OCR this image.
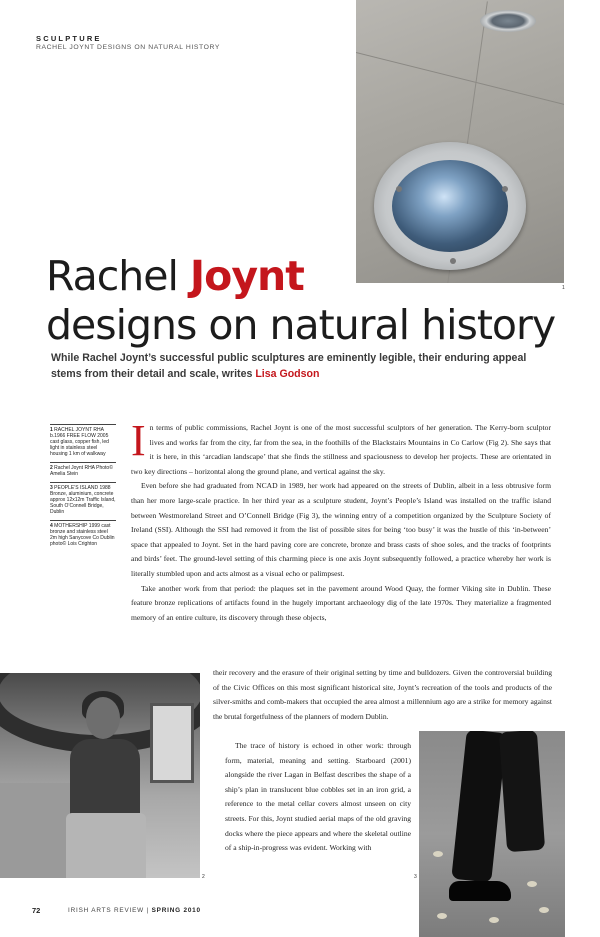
SCULPTURE
RACHEL JOYNT DESIGNS ON NATURAL HISTORY
1
Rachel Joynt
designs on natural history
While Rachel Joynt’s successful public sculptures are eminently legible, their enduring appeal stems from their detail and scale, writes Lisa Godson
1 RACHEL JOYNT RHA b.1966 FREE FLOW 2005 cast glass, copper fish, led light in stainless steel housing 1 km of walkway
2 Rachel Joynt RHA Photo© Amelia Stein
3 PEOPLE’S ISLAND 1988 Bronze, aluminium, concrete approx 12x12m Traffic Island, South O’Connell Bridge, Dublin
4 MOTHERSHIP 1999 cast bronze and stainless steel 2m high Sanycove Co Dublin photo© Lois Crighton

In terms of public commissions, Rachel Joynt is one of the most successful sculptors of her generation. The Kerry-born sculptor lives and works far from the city, far from the sea, in the foothills of the Blackstairs Mountains in Co Carlow (Fig 2). She says that it is here, in this ‘arcadian landscape’ that she finds the stillness and spaciousness to develop her projects. These are orientated in two key directions – horizontal along the ground plane, and vertical against the sky.

Even before she had graduated from NCAD in 1989, her work had appeared on the streets of Dublin, albeit in a less obtrusive form than her more large-scale practice. In her third year as a sculpture student, Joynt’s People’s Island was installed on the traffic island between Westmoreland Street and O’Connell Bridge (Fig 3), the winning entry of a competition organized by the Sculpture Society of Ireland (SSI). Although the SSI had removed it from the list of possible sites for being ‘too busy’ it was the hustle of this ‘in-between’ space that appealed to Joynt. Set in the hard paving core are concrete, bronze and brass casts of shoe soles, and the tracks of footprints and birds’ feet. The ground-level setting of this charming piece is one axis Joynt subsequently followed, a practice whereby her work is literally stumbled upon and acts almost as a visual echo or palimpsest.

Take another work from that period: the plaques set in the pavement around Wood Quay, the former Viking site in Dublin. These feature bronze replications of artifacts found in the hugely important archaeology dig of the late 1970s. They materialize a fragmented memory of an entire culture, its discovery through these objects,

their recovery and the erasure of their original setting by time and bulldozers. Given the controversial building of the Civic Offices on this most significant historical site, Joynt’s recreation of the tools and products of the silver-smiths and comb-makers that occupied the area almost a millennium ago are a strike for memory against the brutal forgetfulness of the planners of modern Dublin.

The trace of history is echoed in other work: through form, material, meaning and setting. Starboard (2001) alongside the river Lagan in Belfast describes the shape of a ship’s plan in translucent blue cobbles set in an iron grid, a reference to the metal cellar covers almost unseen on city streets. For this, Joynt studied aerial maps of the old graving docks where the piece appears and where the skeletal outline of a ship-in-progress was evident. Working with

2	3
72	IRISH ARTS REVIEW | SPRING 2010
